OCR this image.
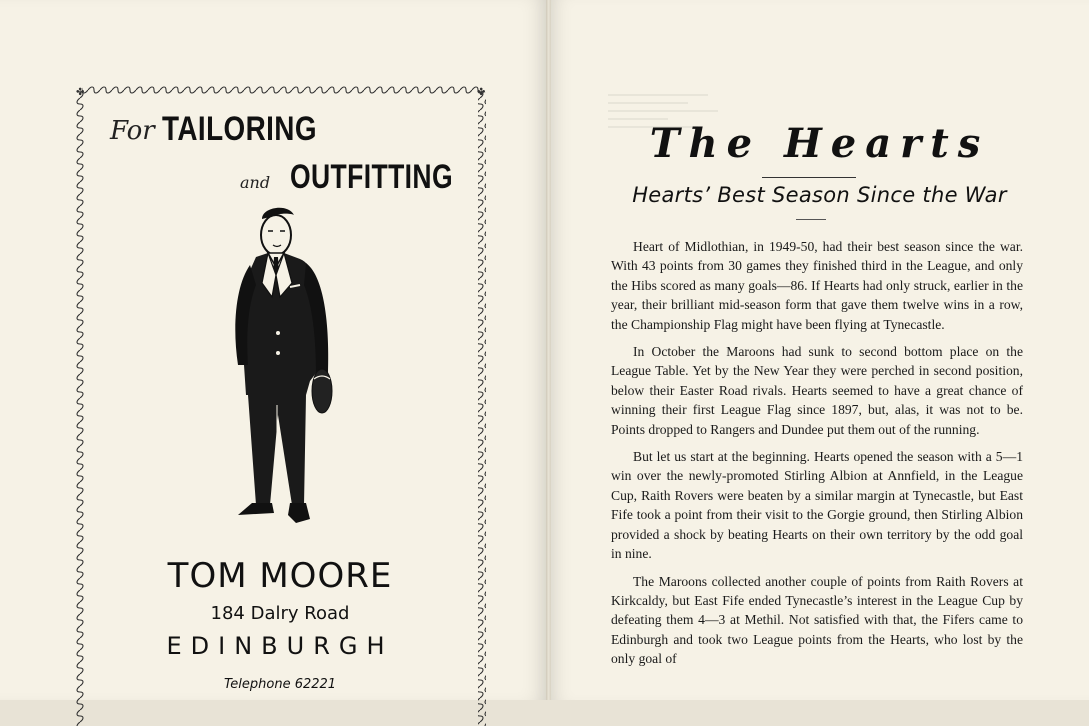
✤	✤
For TAILORING
and OUTFITTING
TOM MOORE
184 Dalry Road
EDINBURGH
Telephone 62221
The Hearts
Hearts’ Best Season Since the War

Heart of Midlothian, in 1949-50, had their best season since the war. With 43 points from 30 games they finished third in the League, and only the Hibs scored as many goals—86. If Hearts had only struck, earlier in the year, their brilliant mid-season form that gave them twelve wins in a row, the Championship Flag might have been flying at Tynecastle.

In October the Maroons had sunk to second bottom place on the League Table. Yet by the New Year they were perched in second position, below their Easter Road rivals. Hearts seemed to have a great chance of winning their first League Flag since 1897, but, alas, it was not to be. Points dropped to Rangers and Dundee put them out of the running.

But let us start at the beginning. Hearts opened the season with a 5—1 win over the newly-promoted Stirling Albion at Annfield, in the League Cup, Raith Rovers were beaten by a similar margin at Tynecastle, but East Fife took a point from their visit to the Gorgie ground, then Stirling Albion provided a shock by beating Hearts on their own territory by the odd goal in nine.

The Maroons collected another couple of points from Raith Rovers at Kirkcaldy, but East Fife ended Tynecastle’s interest in the League Cup by defeating them 4—3 at Methil. Not satisfied with that, the Fifers came to Edinburgh and took two League points from the Hearts, who lost by the only goal of
